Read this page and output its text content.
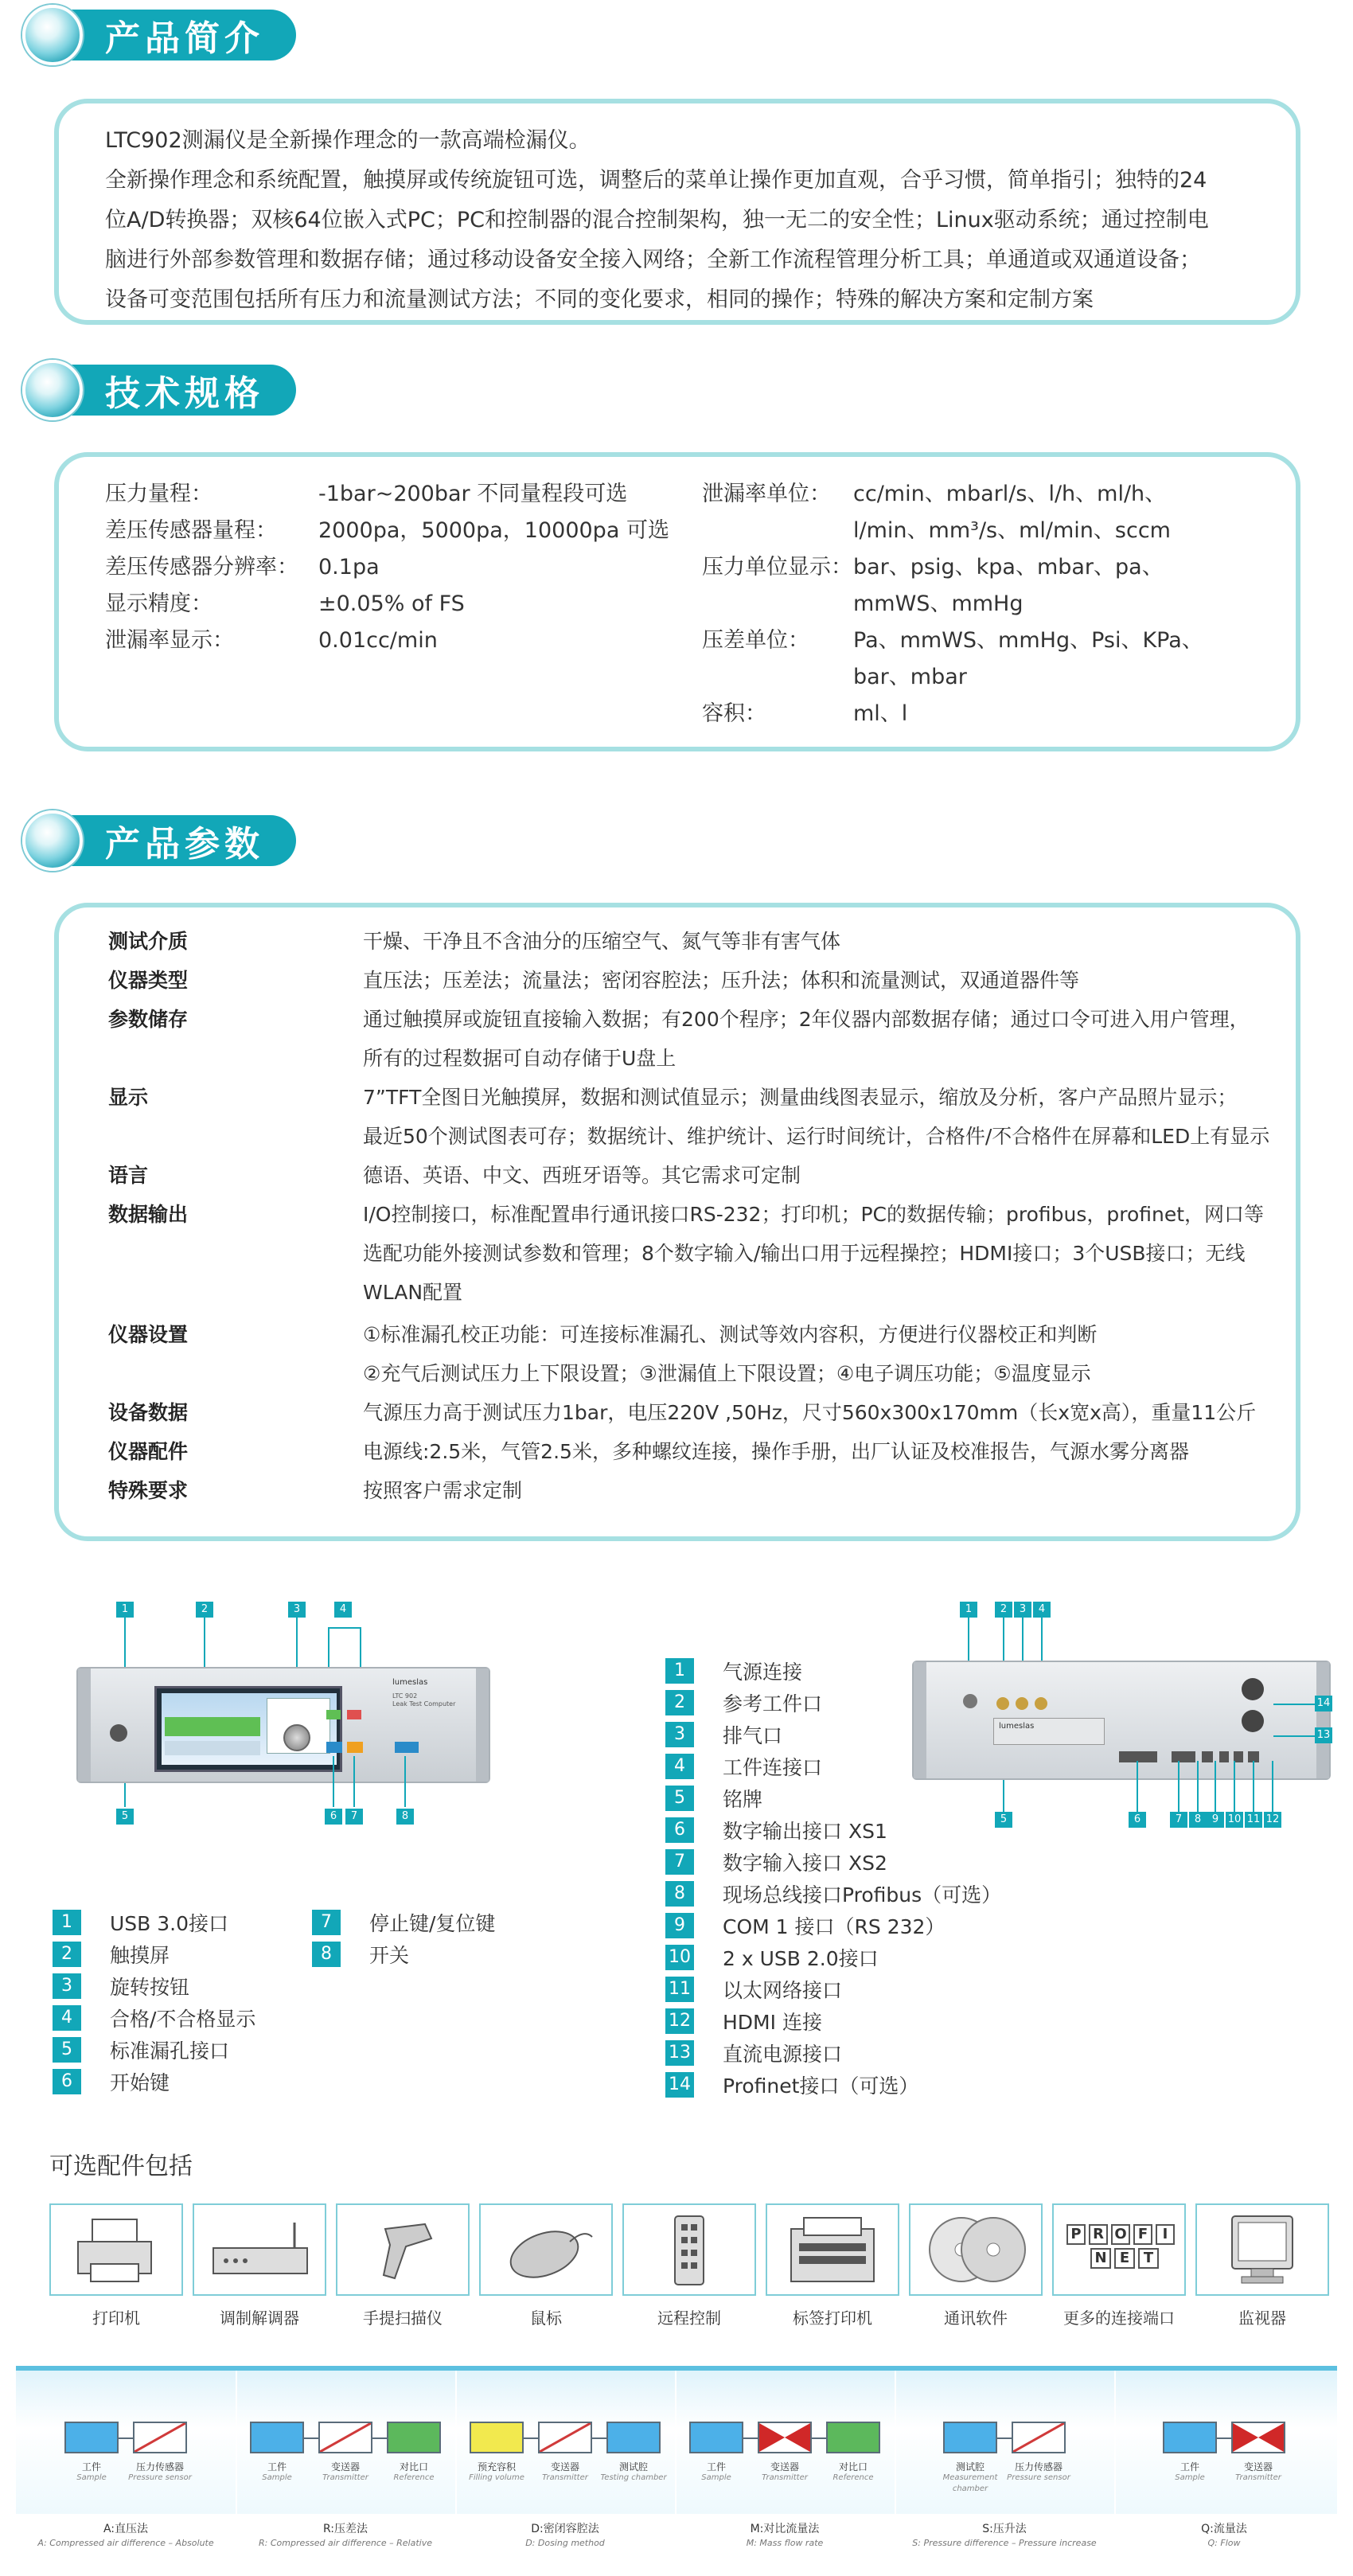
产品简介

LTC902测漏仪是全新操作理念的一款高端检漏仪。

全新操作理念和系统配置，触摸屏或传统旋钮可选，调整后的菜单让操作更加直观，合乎习惯，简单指引；独特的24

位A/D转换器；双核64位嵌入式PC；PC和控制器的混合控制架构，独一无二的安全性；Linux驱动系统；通过控制电

脑进行外部参数管理和数据存储；通过移动设备安全接入网络；全新工作流程管理分析工具；单通道或双通道设备；

设备可变范围包括所有压力和流量测试方法；不同的变化要求，相同的操作；特殊的解决方案和定制方案

技术规格
压力量程：	-1bar~200bar 不同量程段可选
差压传感器量程： 2000pa，5000pa，10000pa 可选
差压传感器分辨率： 0.1pa
显示精度：	±0.05% of FS
泄漏率显示：	0.01cc/min
泄漏率单位： cc/min、mbarl/s、l/h、ml/h、
l/min、mm³/s、ml/min、sccm
压力单位显示： bar、psig、kpa、mbar、pa、
mmWS、mmHg
压差单位： Pa、mmWS、mmHg、Psi、KPa、
bar、mbar
容积：	ml、l
产品参数
测试介质	干燥、干净且不含油分的压缩空气、氮气等非有害气体
仪器类型	直压法；压差法；流量法；密闭容腔法；压升法；体积和流量测试，双通道器件等
参数储存	通过触摸屏或旋钮直接输入数据；有200个程序；2年仪器内部数据存储；通过口令可进入用户管理，
所有的过程数据可自动存储于U盘上
显示	7”TFT全图日光触摸屏，数据和测试值显示；测量曲线图表显示，缩放及分析，客户产品照片显示；
最近50个测试图表可存；数据统计、维护统计、运行时间统计，合格件/不合格件在屏幕和LED上有显示
语言	德语、英语、中文、西班牙语等。其它需求可定制
数据输出	I/O控制接口，标准配置串行通讯接口RS-232；打印机；PC的数据传输；profibus，profinet，网口等
选配功能外接测试参数和管理；8个数字输入/输出口用于远程操控；HDMI接口；3个USB接口；无线
WLAN配置
仪器设置	①标准漏孔校正功能：可连接标准漏孔、测试等效内容积，方便进行仪器校正和判断
②充气后测试压力上下限设置；③泄漏值上下限设置；④电子调压功能；⑤温度显示
设备数据	气源压力高于测试压力1bar，电压220V ,50Hz，尺寸560x300x170mm（长x宽x高），重量11公斤
仪器配件	电源线:2.5米，气管2.5米，多种螺纹连接，操作手册，出厂认证及校准报告，气源水雾分离器
特殊要求	按照客户需求定制
1	2	3	4
lumeslas
LTC 902
Leak Test Computer
5	6	7	8
1	USB 3.0接口
2	触摸屏
3	旋转按钮
4	合格/不合格显示
5	标准漏孔接口
6	开始键
7	停止键/复位键
8	开关
1	气源连接
2	参考工件口
3	排气口
4	工件连接口
5	铭牌
6	数字输出接口 XS1
7	数字输入接口 XS2
8	现场总线接口Profibus（可选）
9	COM 1 接口（RS 232）
10 2 x USB 2.0接口
11 以太网络接口
12 HDMI 连接
13 直流电源接口
14 Profinet接口（可选）
1	2	3	4
lumeslas
5	6	7	8	9 10 11 12
13
14
可选配件包括
P R O F	I
N E T
打印机	调制解调器	手提扫描仪	鼠标	远程控制	标签打印机	通讯软件	更多的连接端口	监视器
工件
Sample
压力传感器
Pressure sensor
A:直压法
A: Compressed air difference – Absolute
工件
Sample
变送器
Transmitter
对比口
Reference
R:压差法
R: Compressed air difference – Relative
预充容积
Filling volume
变送器
Transmitter
测试腔
Testing chamber
D:密闭容腔法
D: Dosing method
工件
Sample
变送器
Transmitter
对比口
Reference
M:对比流量法
M: Mass flow rate
测试腔
Measurement chamber
压力传感器
Pressure sensor
S:压升法
S: Pressure difference – Pressure increase
工件
Sample
变送器
Transmitter
Q:流量法
Q: Flow
